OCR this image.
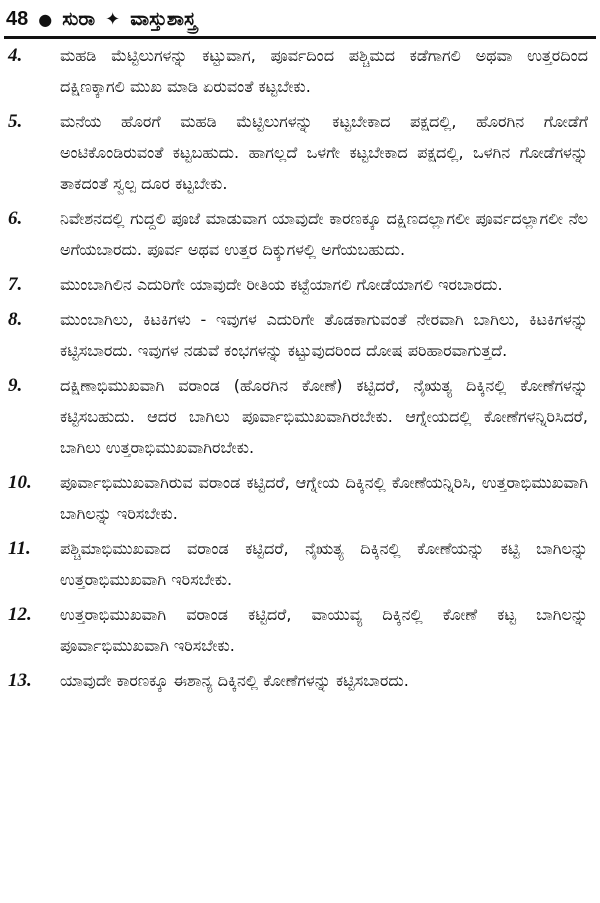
48 ● ಸುರಾ ✦ ವಾಸ್ತುಶಾಸ್ತ್ರ
4. ಮಹಡಿ ಮೆಟ್ಟಿಲುಗಳನ್ನು ಕಟ್ಟುವಾಗ, ಪೂರ್ವದಿಂದ ಪಶ್ಚಿಮದ ಕಡೆಗಾಗಲಿ ಅಥವಾ ಉತ್ತರದಿಂದ ದಕ್ಷಿಣಕ್ಕಾಗಲಿ ಮುಖ ಮಾಡಿ ಏರುವಂತೆ ಕಟ್ಟಬೇಕು.
5. ಮನೆಯ ಹೊರಗೆ ಮಹಡಿ ಮೆಟ್ಟಿಲುಗಳನ್ನು ಕಟ್ಟಬೇಕಾದ ಪಕ್ಷದಲ್ಲಿ, ಹೊರಗಿನ ಗೋಡೆಗೆ ಅಂಟಿಕೊಂಡಿರುವಂತೆ ಕಟ್ಟಬಹುದು. ಹಾಗಲ್ಲದೆ ಒಳಗೇ ಕಟ್ಟಬೇಕಾದ ಪಕ್ಷದಲ್ಲಿ, ಒಳಗಿನ ಗೋಡೆಗಳನ್ನು ತಾಕದಂತೆ ಸ್ವಲ್ಪ ದೂರ ಕಟ್ಟಬೇಕು.
6. ನಿವೇಶನದಲ್ಲಿ ಗುದ್ದಲಿ ಪೂಜೆ ಮಾಡುವಾಗ ಯಾವುದೇ ಕಾರಣಕ್ಕೂ ದಕ್ಷಿಣದಲ್ಲಾಗಲೀ ಪೂರ್ವದಲ್ಲಾಗಲೀ ನೆಲ ಅಗೆಯಬಾರದು. ಪೂರ್ವ ಅಥವ ಉತ್ತರ ದಿಕ್ಕುಗಳಲ್ಲಿ ಅಗೆಯಬಹುದು.
7. ಮುಂಬಾಗಿಲಿನ ಎದುರಿಗೇ ಯಾವುದೇ ರೀತಿಯ ಕಟ್ಟೆಯಾಗಲಿ ಗೋಡೆಯಾಗಲಿ ಇರಬಾರದು.
8. ಮುಂಬಾಗಿಲು, ಕಿಟಕಿಗಳು - ಇವುಗಳ ಎದುರಿಗೇ ತೊಡಕಾಗುವಂತೆ ನೇರವಾಗಿ ಬಾಗಿಲು, ಕಿಟಕಿಗಳನ್ನು ಕಟ್ಟಿಸಬಾರದು. ಇವುಗಳ ನಡುವೆ ಕಂಭಗಳನ್ನು ಕಟ್ಟುವುದರಿಂದ ದೋಷ ಪರಿಹಾರವಾಗುತ್ತದೆ.
9. ದಕ್ಷಿಣಾಭಿಮುಖವಾಗಿ ವರಾಂಡ (ಹೊರಗಿನ ಕೋಣೆ) ಕಟ್ಟಿದರೆ, ನೈಋತ್ಯ ದಿಕ್ಕಿನಲ್ಲಿ ಕೋಣೆಗಳನ್ನು ಕಟ್ಟಿಸಬಹುದು. ಆದರ ಬಾಗಿಲು ಪೂರ್ವಾಭಿಮುಖವಾಗಿರಬೇಕು. ಆಗ್ನೇಯದಲ್ಲಿ ಕೋಣೆಗಳನ್ನಿರಿಸಿದರೆ, ಬಾಗಿಲು ಉತ್ತರಾಭಿಮುಖವಾಗಿರಬೇಕು.
10. ಪೂರ್ವಾಭಿಮುಖವಾಗಿರುವ ವರಾಂಡ ಕಟ್ಟಿದರೆ, ಆಗ್ನೇಯ ದಿಕ್ಕಿನಲ್ಲಿ ಕೋಣೆಯನ್ನಿರಿಸಿ, ಉತ್ತರಾಭಿಮುಖವಾಗಿ ಬಾಗಿಲನ್ನು ಇರಿಸಬೇಕು.
11. ಪಶ್ಚಿಮಾಭಿಮುಖವಾದ ವರಾಂಡ ಕಟ್ಟಿದರೆ, ನೈಋತ್ಯ ದಿಕ್ಕಿನಲ್ಲಿ ಕೋಣೆಯನ್ನು ಕಟ್ಟಿ ಬಾಗಿಲನ್ನು ಉತ್ತರಾಭಿಮುಖವಾಗಿ ಇರಿಸಬೇಕು.
12. ಉತ್ತರಾಭಿಮುಖವಾಗಿ ವರಾಂಡ ಕಟ್ಟಿದರೆ, ವಾಯುವ್ಯ ದಿಕ್ಕಿನಲ್ಲಿ ಕೋಣೆ ಕಟ್ಟ ಬಾಗಿಲನ್ನು ಪೂರ್ವಾಭಿಮುಖವಾಗಿ ಇರಿಸಬೇಕು.
13. ಯಾವುದೇ ಕಾರಣಕ್ಕೂ ಈಶಾನ್ಯ ದಿಕ್ಕಿನಲ್ಲಿ ಕೋಣೆಗಳನ್ನು ಕಟ್ಟಿಸಬಾರದು.
